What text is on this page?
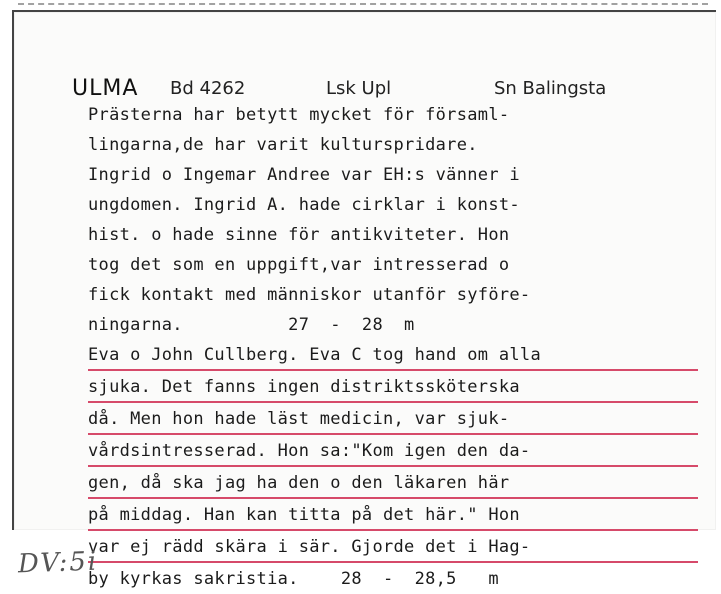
ULMA Bd 4262	Lsk Upl	Sn Balingsta
Prästerna har betytt mycket för församl-
lingarna,de har varit kulturspridare.
Ingrid o Ingemar Andree var EH:s vänner i
ungdomen. Ingrid A. hade cirklar i konst-
hist. o hade sinne för antikviteter. Hon
tog det som en uppgift,var intresserad o
fick kontakt med människor utanför syföre-
ningarna.          27  -  28  m
Eva o John Cullberg. Eva C tog hand om alla
sjuka. Det fanns ingen distriktssköterska
då. Men hon hade läst medicin, var sjuk-
vårdsintresserad. Hon sa:"Kom igen den da-
gen, då ska jag ha den o den läkaren här
på middag. Han kan titta på det här." Hon
var ej rädd skära i sär. Gjorde det i Hag-
by kyrkas sakristia.    28  -  28,5   m
DV:5i
